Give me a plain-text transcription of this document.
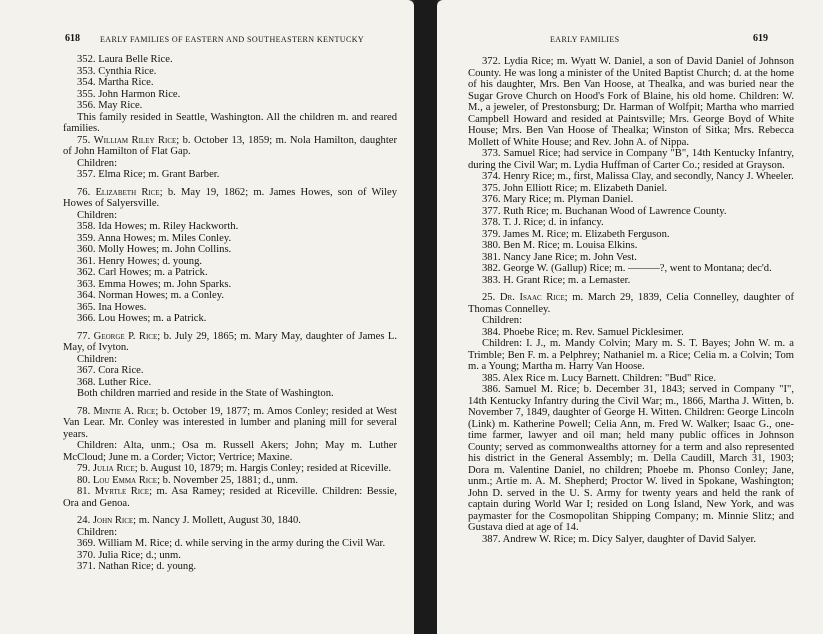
618	EARLY FAMILIES OF EASTERN AND SOUTHEASTERN KENTUCKY

352. Laura Belle Rice.

353. Cynthia Rice.

354. Martha Rice.

355. John Harmon Rice.

356. May Rice.

This family resided in Seattle, Washington. All the children m. and reared families.

75. William Riley Rice; b. October 13, 1859; m. Nola Hamilton, daughter of John Hamilton of Flat Gap.

Children:

357. Elma Rice; m. Grant Barber.

76. Elizabeth Rice; b. May 19, 1862; m. James Howes, son of Wiley Howes of Salyersville.

Children:

358. Ida Howes; m. Riley Hackworth.

359. Anna Howes; m. Miles Conley.

360. Molly Howes; m. John Collins.

361. Henry Howes; d. young.

362. Carl Howes; m. a Patrick.

363. Emma Howes; m. John Sparks.

364. Norman Howes; m. a Conley.

365. Ina Howes.

366. Lou Howes; m. a Patrick.

77. George P. Rice; b. July 29, 1865; m. Mary May, daughter of James L. May, of Ivyton.

Children:

367. Cora Rice.

368. Luther Rice.

Both children married and reside in the State of Washington.

78. Mintie A. Rice; b. October 19, 1877; m. Amos Conley; resided at West Van Lear. Mr. Conley was interested in lumber and planing mill for several years.

Children: Alta, unm.; Osa m. Russell Akers; John; May m. Luther McCloud; June m. a Corder; Victor; Vertrice; Maxine.

79. Julia Rice; b. August 10, 1879; m. Hargis Conley; resided at Riceville.

80. Lou Emma Rice; b. November 25, 1881; d., unm.

81. Myrtle Rice; m. Asa Ramey; resided at Riceville. Children: Bessie, Ora and Genoa.

24. John Rice; m. Nancy J. Mollett, August 30, 1840.

Children:

369. William M. Rice; d. while serving in the army during the Civil War.

370. Julia Rice; d.; unm.

371. Nathan Rice; d. young.

EARLY FAMILIES	619

372. Lydia Rice; m. Wyatt W. Daniel, a son of David Daniel of Johnson County. He was long a minister of the United Baptist Church; d. at the home of his daughter, Mrs. Ben Van Hoose, at Thealka, and was buried near the Sugar Grove Church on Hood's Fork of Blaine, his old home. Children: W. M., a jeweler, of Prestonsburg; Dr. Harman of Wolfpit; Martha who married Campbell Howard and resided at Paintsville; Mrs. George Boyd of White House; Mrs. Ben Van Hoose of Thealka; Winston of Sitka; Mrs. Rebecca Mollett of White House; and Rev. John A. of Nippa.

373. Samuel Rice; had service in Company "B", 14th Kentucky Infantry, during the Civil War; m. Lydia Huffman of Carter Co.; resided at Grayson.

374. Henry Rice; m., first, Malissa Clay, and secondly, Nancy J. Wheeler.

375. John Elliott Rice; m. Elizabeth Daniel.

376. Mary Rice; m. Plyman Daniel.

377. Ruth Rice; m. Buchanan Wood of Lawrence County.

378. T. J. Rice; d. in infancy.

379. James M. Rice; m. Elizabeth Ferguson.

380. Ben M. Rice; m. Louisa Elkins.

381. Nancy Jane Rice; m. John Vest.

382. George W. (Gallup) Rice; m. ———?, went to Montana; dec'd.

383. H. Grant Rice; m. a Lemaster.

25. Dr. Isaac Rice; m. March 29, 1839, Celia Connelley, daughter of Thomas Connelley.

Children:

384. Phoebe Rice; m. Rev. Samuel Picklesimer.

Children: I. J., m. Mandy Colvin; Mary m. S. T. Bayes; John W. m. a Trimble; Ben F. m. a Pelphrey; Nathaniel m. a Rice; Celia m. a Colvin; Tom m. a Young; Martha m. Harry Van Hoose.

385. Alex Rice m. Lucy Barnett. Children: "Bud" Rice.

386. Samuel M. Rice; b. December 31, 1843; served in Company "I", 14th Kentucky Infantry during the Civil War; m., 1866, Martha J. Witten, b. November 7, 1849, daughter of George H. Witten. Children: George Lincoln (Link) m. Katherine Powell; Celia Ann, m. Fred W. Walker; Isaac G., one-time farmer, lawyer and oil man; held many public offices in Johnson County; served as commonwealths attorney for a term and also represented his district in the General Assembly; m. Della Caudill, March 31, 1903; Dora m. Valentine Daniel, no children; Phoebe m. Phonso Conley; Jane, unm.; Artie m. A. M. Shepherd; Proctor W. lived in Spokane, Washington; John D. served in the U. S. Army for twenty years and held the rank of captain during World War I; resided on Long Island, New York, and was paymaster for the Cosmopolitan Shipping Company; m. Minnie Slitz; and Gustava died at age of 14.

387. Andrew W. Rice; m. Dicy Salyer, daughter of David Salyer.
